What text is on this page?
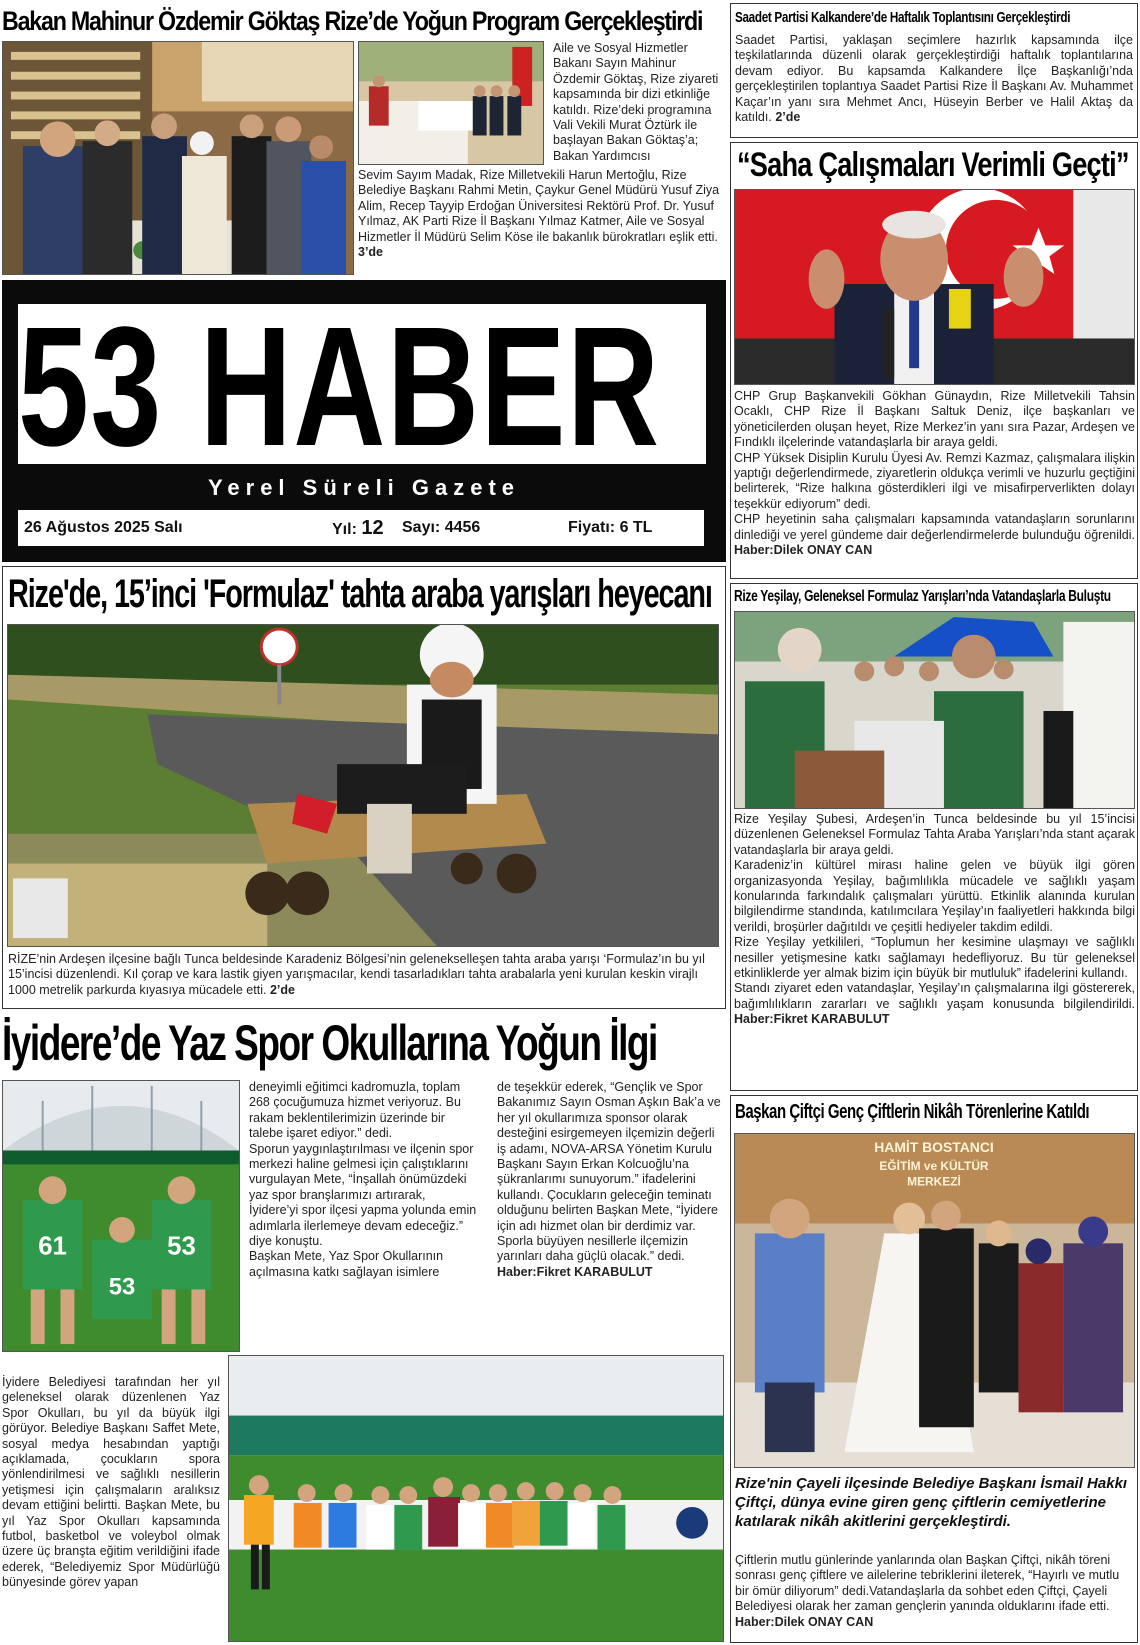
Bakan Mahinur Özdemir Göktaş Rize’de Yoğun Program Gerçekleştirdi
Aile ve Sosyal Hizmetler Bakanı Sayın Mahinur Özdemir Göktaş, Rize ziyareti kapsamında bir dizi etkinliğe katıldı. Rize’deki programına Vali Vekili Murat Öztürk ile başlayan Bakan Göktaş’a; Bakan Yardımcısı
Sevim Sayım Madak, Rize Milletvekili Harun Mertoğlu, Rize Belediye Başkanı Rahmi Metin, Çaykur Genel Müdürü Yusuf Ziya Alim, Recep Tayyip Erdoğan Üniversitesi Rektörü Prof. Dr. Yusuf Yılmaz, AK Parti Rize İl Başkanı Yılmaz Katmer, Aile ve Sosyal Hizmetler İl Müdürü Selim Köse ile bakanlık bürokratları eşlik etti. 3’de
53 HABER
Yerel Süreli Gazete
26 Ağustos 2025 Salı	Yıl: 12 Sayı: 4456	Fiyatı: 6 TL
Saadet Partisi Kalkandere’de Haftalık Toplantısını Gerçekleştirdi
Saadet Partisi, yaklaşan seçimlere hazırlık kapsamında ilçe teşkilatlarında düzenli olarak gerçekleştirdiği haftalık toplantılarına devam ediyor. Bu kapsamda Kalkandere İlçe Başkanlığı’nda gerçekleştirilen toplantıya Saadet Partisi Rize İl Başkanı Av. Muhammet Kaçar’ın yanı sıra Mehmet Ancı, Hüseyin Berber ve Halil Aktaş da katıldı. 2’de
“Saha Çalışmaları Verimli Geçti”

CHP Grup Başkanvekili Gökhan Günaydın, Rize Milletvekili Tahsin Ocaklı, CHP Rize İl Başkanı Saltuk Deniz, ilçe başkanları ve yöneticilerden oluşan heyet, Rize Merkez’in yanı sıra Pazar, Ardeşen ve Fındıklı ilçelerinde vatandaşlarla bir araya geldi.

CHP Yüksek Disiplin Kurulu Üyesi Av. Remzi Kazmaz, çalışmalara ilişkin yaptığı değerlendirmede, ziyaretlerin oldukça verimli ve huzurlu geçtiğini belirterek, “Rize halkına gösterdikleri ilgi ve misafirperverlikten dolayı teşekkür ediyorum” dedi.

CHP heyetinin saha çalışmaları kapsamında vatandaşların sorunlarını dinlediği ve yerel gündeme dair değerlendirmelerde bulunduğu öğrenildi. Haber:Dilek ONAY CAN

Rize'de, 15’inci 'Formulaz' tahta araba yarışları heyecanı
RİZE’nin Ardeşen ilçesine bağlı Tunca beldesinde Karadeniz Bölgesi’nin gelenekselleşen tahta araba yarışı ‘Formulaz’ın bu yıl 15’incisi düzenlendi. Kıl çorap ve kara lastik giyen yarışmacılar, kendi tasarladıkları tahta arabalarla yeni kurulan keskin virajlı 1000 metrelik parkurda kıyasıya mücadele etti. 2’de
Rize Yeşilay, Geleneksel Formulaz Yarışları’nda Vatandaşlarla Buluştu

Rize Yeşilay Şubesi, Ardeşen’in Tunca beldesinde bu yıl 15’incisi düzenlenen Geleneksel Formulaz Tahta Araba Yarışları’nda stant açarak vatandaşlarla bir araya geldi.

Karadeniz’in kültürel mirası haline gelen ve büyük ilgi gören organizasyonda Yeşilay, bağımlılıkla mücadele ve sağlıklı yaşam konularında farkındalık çalışmaları yürüttü. Etkinlik alanında kurulan bilgilendirme standında, katılımcılara Yeşilay’ın faaliyetleri hakkında bilgi verildi, broşürler dağıtıldı ve çeşitli hediyeler takdim edildi.

Rize Yeşilay yetkilileri, “Toplumun her kesimine ulaşmayı ve sağlıklı nesiller yetişmesine katkı sağlamayı hedefliyoruz. Bu tür geleneksel etkinliklerde yer almak bizim için büyük bir mutluluk” ifadelerini kullandı.

Standı ziyaret eden vatandaşlar, Yeşilay’ın çalışmalarına ilgi göstererek, bağımlılıkların zararları ve sağlıklı yaşam konusunda bilgilendirildi. Haber:Fikret KARABULUT

İyidere’de Yaz Spor Okullarına Yoğun İlgi
61
53
53
İyidere Belediyesi tarafından her yıl geleneksel olarak düzenlenen Yaz Spor Okulları, bu yıl da büyük ilgi görüyor. Belediye Başkanı Saffet Mete, sosyal medya hesabından yaptığı açıklamada, çocukların spora yönlendirilmesi ve sağlıklı nesillerin yetişmesi için çalışmaların aralıksız devam ettiğini belirtti. Başkan Mete, bu yıl Yaz Spor Okulları kapsamında futbol, basketbol ve voleybol olmak üzere üç branşta eğitim verildiğini ifade ederek, “Belediyemiz Spor Müdürlüğü bünyesinde görev yapan
deneyimli eğitimci kadromuzla, toplam 268 çocuğumuza hizmet veriyoruz. Bu rakam beklentilerimizin üzerinde bir talebe işaret ediyor.” dedi.
Sporun yaygınlaştırılması ve ilçenin spor merkezi haline gelmesi için çalıştıklarını vurgulayan Mete, “İnşallah önümüzdeki yaz spor branşlarımızı artırarak, İyidere’yi spor ilçesi yapma yolunda emin adımlarla ilerlemeye devam edeceğiz.” diye konuştu.
Başkan Mete, Yaz Spor Okullarının açılmasına katkı sağlayan isimlere
de teşekkür ederek, “Gençlik ve Spor Bakanımız Sayın Osman Aşkın Bak’a ve her yıl okullarımıza sponsor olarak desteğini esirgemeyen ilçemizin değerli iş adamı, NOVA-ARSA Yönetim Kurulu Başkanı Sayın Erkan Kolcuoğlu’na şükranlarımı sunuyorum.” ifadelerini kullandı. Çocukların geleceğin teminatı olduğunu belirten Başkan Mete, “İyidere için adı hizmet olan bir derdimiz var. Sporla büyüyen nesillerle ilçemizin yarınları daha güçlü olacak.” dedi. Haber:Fikret KARABULUT
Başkan Çiftçi Genç Çiftlerin Nikâh Törenlerine Katıldı
HAMİT BOSTANCI
EĞİTİM ve KÜLTÜR
MERKEZİ
Rize'nin Çayeli ilçesinde Belediye Başkanı İsmail Hakkı Çiftçi, dünya evine giren genç çiftlerin cemiyetlerine katılarak nikâh akitlerini gerçekleştirdi.
Çiftlerin mutlu günlerinde yanlarında olan Başkan Çiftçi, nikâh töreni sonrası genç çiftlere ve ailelerine tebriklerini ileterek, “Hayırlı ve mutlu bir ömür diliyorum” dedi.Vatandaşlarla da sohbet eden Çiftçi, Çayeli Belediyesi olarak her zaman gençlerin yanında olduklarını ifade etti. Haber:Dilek ONAY CAN
